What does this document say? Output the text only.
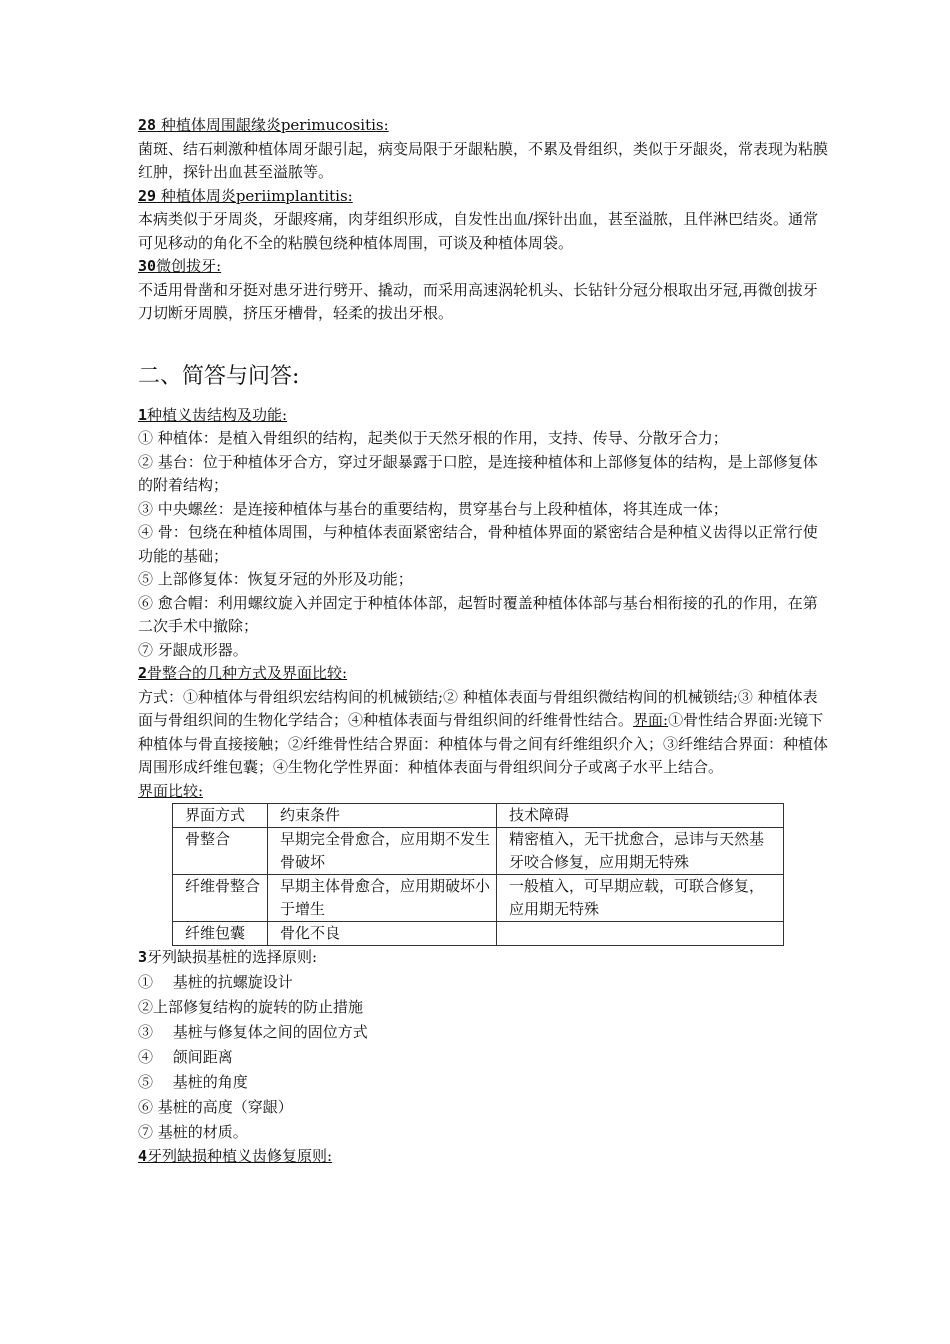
28 种植体周围龈缘炎perimucositis:

菌斑、结石刺激种植体周牙龈引起，病变局限于牙龈粘膜，不累及骨组织，类似于牙龈炎，常表现为粘膜红肿，探针出血甚至溢脓等。

29 种植体周炎periimplantitis:

本病类似于牙周炎，牙龈疼痛，肉芽组织形成，自发性出血/探针出血，甚至溢脓，且伴淋巴结炎。通常可见移动的角化不全的粘膜包绕种植体周围，可谈及种植体周袋。

30微创拔牙:

不适用骨凿和牙挺对患牙进行劈开、撬动，而采用高速涡轮机头、长钻针分冠分根取出牙冠,再微创拔牙刀切断牙周膜，挤压牙槽骨，轻柔的拔出牙根。

二、简答与问答:

1种植义齿结构及功能:

① 种植体：是植入骨组织的结构，起类似于天然牙根的作用，支持、传导、分散牙合力；

② 基台：位于种植体牙合方，穿过牙龈暴露于口腔，是连接种植体和上部修复体的结构，是上部修复体的附着结构；

③ 中央螺丝：是连接种植体与基台的重要结构，贯穿基台与上段种植体，将其连成一体；

④ 骨：包绕在种植体周围，与种植体表面紧密结合，骨种植体界面的紧密结合是种植义齿得以正常行使功能的基础；

⑤ 上部修复体：恢复牙冠的外形及功能；

⑥ 愈合帽：利用螺纹旋入并固定于种植体体部，起暂时覆盖种植体体部与基台相衔接的孔的作用，在第二次手术中撤除；

⑦ 牙龈成形器。

2骨整合的几种方式及界面比较:

方式：①种植体与骨组织宏结构间的机械锁结;② 种植体表面与骨组织微结构间的机械锁结;③ 种植体表面与骨组织间的生物化学结合；④种植体表面与骨组织间的纤维骨性结合。界面:①骨性结合界面:光镜下种植体与骨直接接触；②纤维骨性结合界面：种植体与骨之间有纤维组织介入；③纤维结合界面：种植体周围形成纤维包囊；④生物化学性界面：种植体表面与骨组织间分子或离子水平上结合。

界面比较:

界面方式	约束条件	技术障碍
骨整合	早期完全骨愈合，应用期不发生骨破坏	精密植入，无干扰愈合，忌讳与天然基牙咬合修复，应用期无特殊
纤维骨整合	早期主体骨愈合，应用期破坏小于增生	一般植入，可早期应载，可联合修复，应用期无特殊
纤维包囊	骨化不良	

3牙列缺损基桩的选择原则:

①　 基桩的抗螺旋设计

②上部修复结构的旋转的防止措施

③　 基桩与修复体之间的固位方式

④　 颌间距离

⑤　 基桩的角度

⑥ 基桩的高度（穿龈）

⑦ 基桩的材质。

4牙列缺损种植义齿修复原则:
